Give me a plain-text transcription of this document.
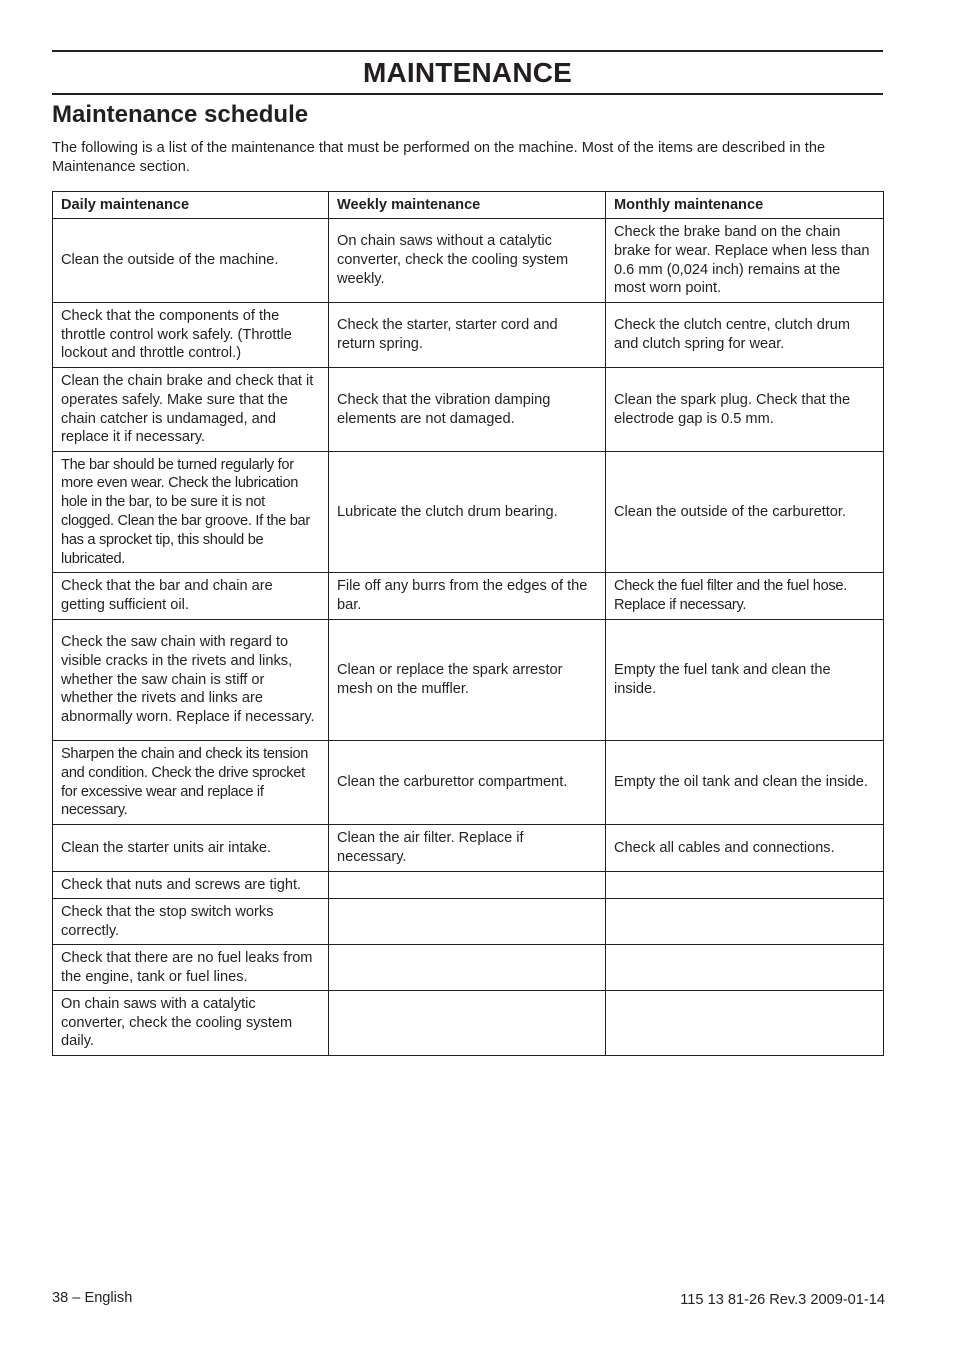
MAINTENANCE
Maintenance schedule

The following is a list of the maintenance that must be performed on the machine. Most of the items are described in the Maintenance section.

Daily maintenance	Weekly maintenance	Monthly maintenance
Clean the outside of the machine.	On chain saws without a catalytic converter, check the cooling system weekly.	Check the brake band on the chain brake for wear. Replace when less than 0.6 mm (0,024 inch) remains at the most worn point.
Check that the components of the throttle control work safely. (Throttle lockout and throttle control.)	Check the starter, starter cord and return spring.	Check the clutch centre, clutch drum and clutch spring for wear.
Clean the chain brake and check that it operates safely. Make sure that the chain catcher is undamaged, and replace it if necessary.	Check that the vibration damping elements are not damaged.	Clean the spark plug. Check that the electrode gap is 0.5 mm.
The bar should be turned regularly for more even wear. Check the lubrication hole in the bar, to be sure it is not clogged. Clean the bar groove. If the bar has a sprocket tip, this should be lubricated.	Lubricate the clutch drum bearing.	Clean the outside of the carburettor.
Check that the bar and chain are getting sufficient oil.	File off any burrs from the edges of the bar.	Check the fuel filter and the fuel hose. Replace if necessary.
Check the saw chain with regard to visible cracks in the rivets and links, whether the saw chain is stiff or whether the rivets and links are abnormally worn. Replace if necessary.	Clean or replace the spark arrestor mesh on the muffler.	Empty the fuel tank and clean the inside.
Sharpen the chain and check its tension and condition. Check the drive sprocket for excessive wear and replace if necessary.	Clean the carburettor compartment.	Empty the oil tank and clean the inside.
Clean the starter units air intake.	Clean the air filter. Replace if necessary.	Check all cables and connections.
Check that nuts and screws are tight.		
Check that the stop switch works correctly.		
Check that there are no fuel leaks from the engine, tank or fuel lines.		
On chain saws with a catalytic converter, check the cooling system daily.		
38 – English	115 13 81-26 Rev.3 2009-01-14
